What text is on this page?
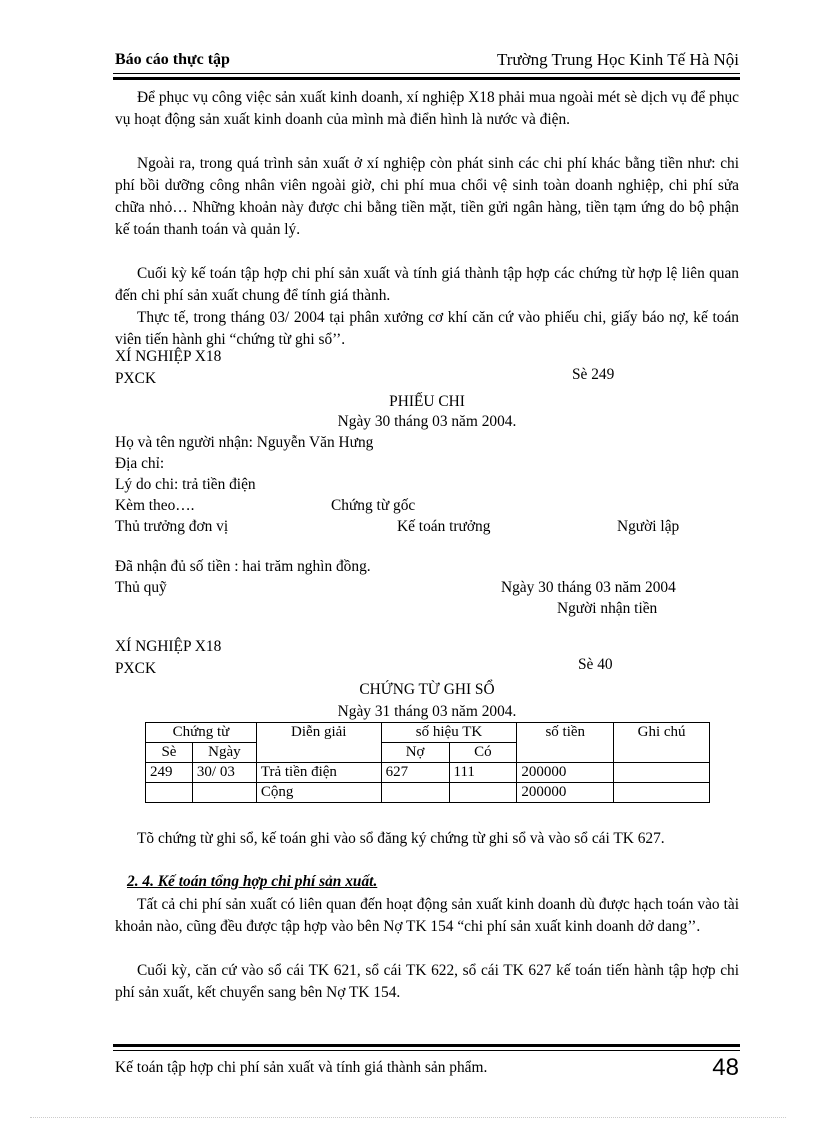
Báo cáo thực tập	Trường Trung Học Kinh Tế Hà Nội
Để phục vụ công việc sản xuất kinh doanh, xí nghiệp X18 phải mua ngoài mét sè dịch vụ để phục vụ hoạt động sản xuất kinh doanh của mình mà điển hình là nước và điện.
Ngoài ra, trong quá trình sản xuất ở xí nghiệp còn phát sinh các chi phí khác bằng tiền như: chi phí bồi dưỡng công nhân viên ngoài giờ, chi phí mua chổi vệ sinh toàn doanh nghiệp, chi phí sửa chữa nhỏ… Những khoản này được chi bằng tiền mặt, tiền gửi ngân hàng, tiền tạm ứng do bộ phận kế toán thanh toán và quản lý.
Cuối kỳ kế toán tập hợp chi phí sản xuất và tính giá thành tập hợp các chứng từ hợp lệ liên quan đến chi phí sản xuất chung để tính giá thành.
Thực tế, trong tháng 03/ 2004 tại phân xưởng cơ khí căn cứ vào phiếu chi, giấy báo nợ, kế toán viên tiến hành ghi “chứng từ ghi sổ’’.
XÍ NGHIỆP X18
PXCK	Sè 249
PHIẾU CHI
Ngày 30 tháng 03 năm 2004.
Họ và tên người nhận: Nguyễn Văn Hưng
Địa chỉ:
Lý do chi: trả tiền điện
Kèm theo….	Chứng từ gốc
Thủ trưởng đơn vị	Kế toán trưởng	Người lập
Đã nhận đủ số tiền : hai trăm nghìn đồng.
Thủ quỹ	Ngày 30 tháng 03 năm 2004
Người nhận tiền
XÍ NGHIỆP X18
PXCK	Sè 40
CHỨNG TỪ GHI SỔ
Ngày 31 tháng 03 năm 2004.
Chứng từ		Diễn giải	số hiệu TK		số tiền	Ghi chú
Sè	Ngày		Nợ	Có		
249	30/ 03	Trả tiền điện	627	111	200000	
		Cộng			200000	
Tõ chứng từ ghi sổ, kế toán ghi vào sổ đăng ký chứng từ ghi sổ và vào sổ cái TK 627.
2. 4. Kế toán tổng hợp chi phí sản xuất.
Tất cả chi phí sản xuất có liên quan đến hoạt động sản xuất kinh doanh dù được hạch toán vào tài khoản nào, cũng đều được tập hợp vào bên Nợ TK 154 “chi phí sản xuất kinh doanh dở dang’’.
Cuối kỳ, căn cứ vào sổ cái TK 621, sổ cái TK 622, sổ cái TK 627 kế toán tiến hành tập hợp chi phí sản xuất, kết chuyển sang bên Nợ TK 154.
Kế toán tập hợp chi phí sản xuất và tính giá thành sản phẩm.	48
